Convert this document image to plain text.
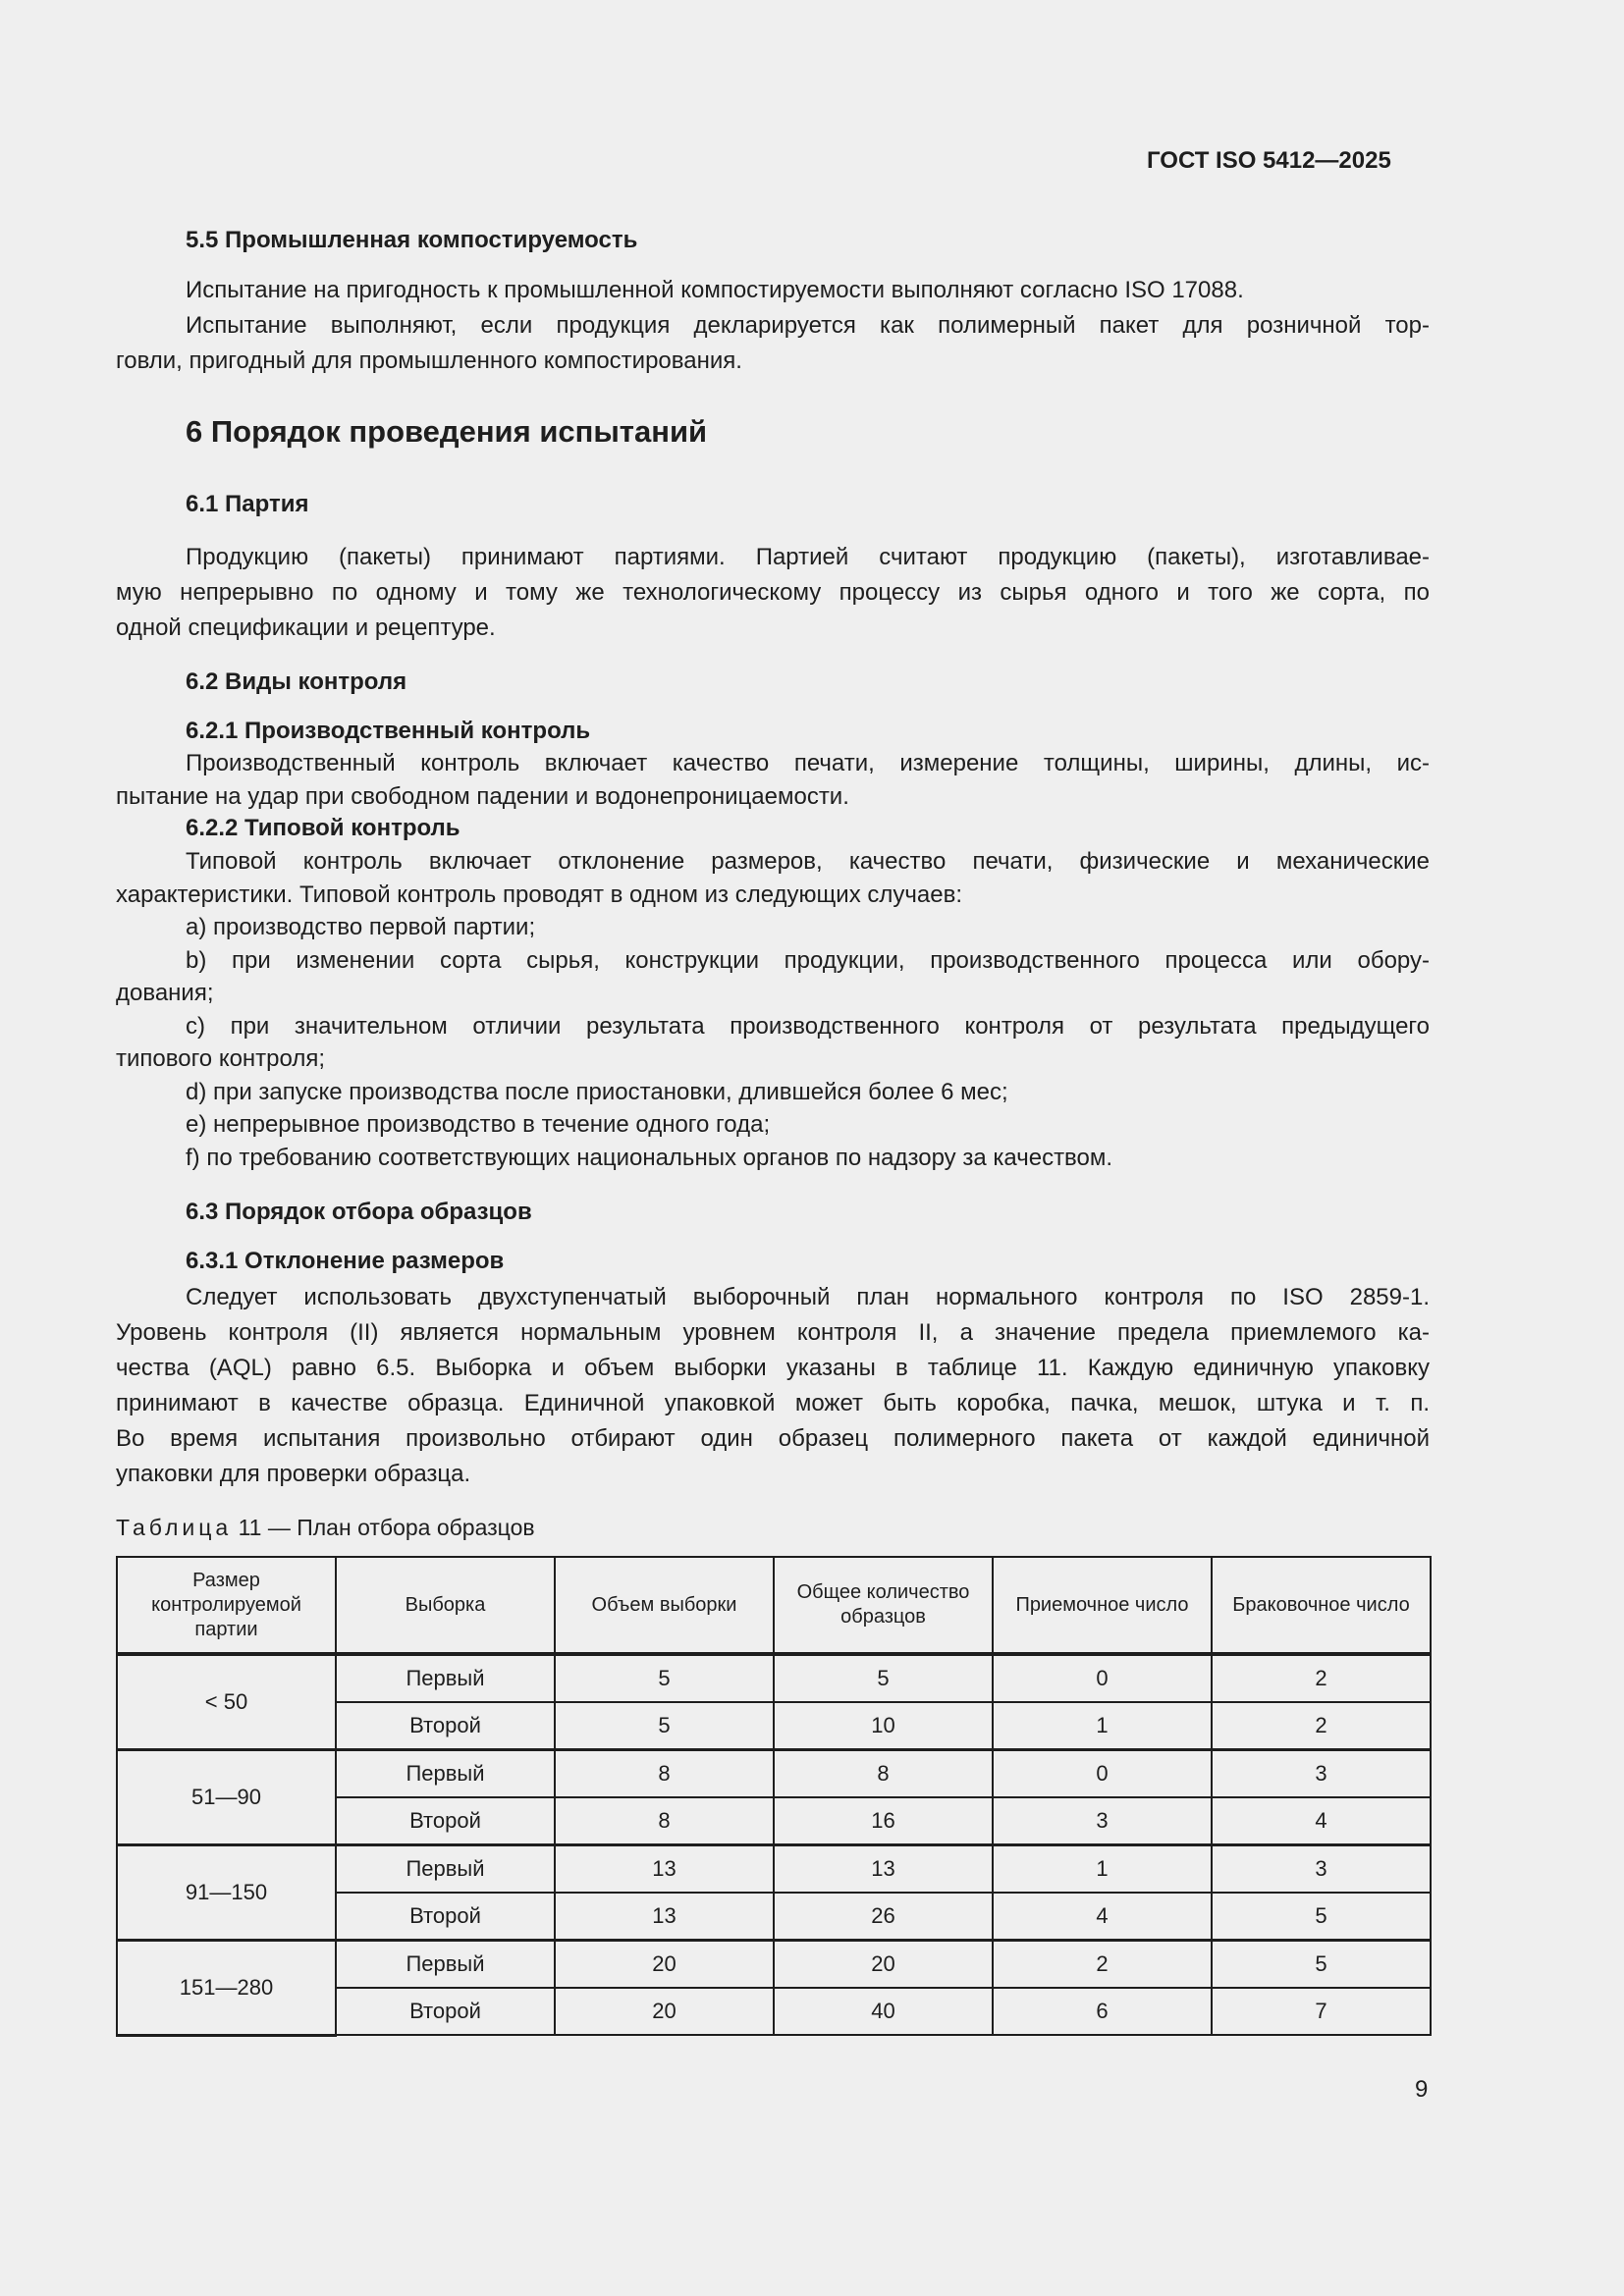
ГОСТ ISO 5412—2025
5.5 Промышленная компостируемость
Испытание на пригодность к промышленной компостируемости выполняют согласно ISO 17088.
Испытание выполняют, если продукция декларируется как полимерный пакет для розничной тор-
говли, пригодный для промышленного компостирования.
6 Порядок проведения испытаний
6.1 Партия
Продукцию (пакеты) принимают партиями. Партией считают продукцию (пакеты), изготавливае-
мую непрерывно по одному и тому же технологическому процессу из сырья одного и того же сорта, по
одной спецификации и рецептуре.
6.2 Виды контроля
6.2.1 Производственный контроль
Производственный контроль включает качество печати, измерение толщины, ширины, длины, ис-
пытание на удар при свободном падении и водонепроницаемости.
6.2.2 Типовой контроль
Типовой контроль включает отклонение размеров, качество печати, физические и механические
характеристики. Типовой контроль проводят в одном из следующих случаев:
a) производство первой партии;
b) при изменении сорта сырья, конструкции продукции, производственного процесса или обору-
дования;
c) при значительном отличии результата производственного контроля от результата предыдущего
типового контроля;
d) при запуске производства после приостановки, длившейся более 6 мес;
e) непрерывное производство в течение одного года;
f) по требованию соответствующих национальных органов по надзору за качеством.
6.3 Порядок отбора образцов
6.3.1 Отклонение размеров
Следует использовать двухступенчатый выборочный план нормального контроля по ISO 2859-1.
Уровень контроля (II) является нормальным уровнем контроля II, а значение предела приемлемого ка-
чества (AQL) равно 6.5. Выборка и объем выборки указаны в таблице 11. Каждую единичную упаковку
принимают в качестве образца. Единичной упаковкой может быть коробка, пачка, мешок, штука и т. п.
Во время испытания произвольно отбирают один образец полимерного пакета от каждой единичной
упаковки для проверки образца.
Таблица 11 — План отбора образцов
Размер контролируемой партии	Выборка	Объем выборки	Общее количество образцов	Приемочное число	Браковочное число
< 50	Первый	5	5	0	2
	Второй	5	10	1	2
51—90	Первый	8	8	0	3
	Второй	8	16	3	4
91—150	Первый	13	13	1	3
	Второй	13	26	4	5
151—280	Первый	20	20	2	5
	Второй	20	40	6	7
9
